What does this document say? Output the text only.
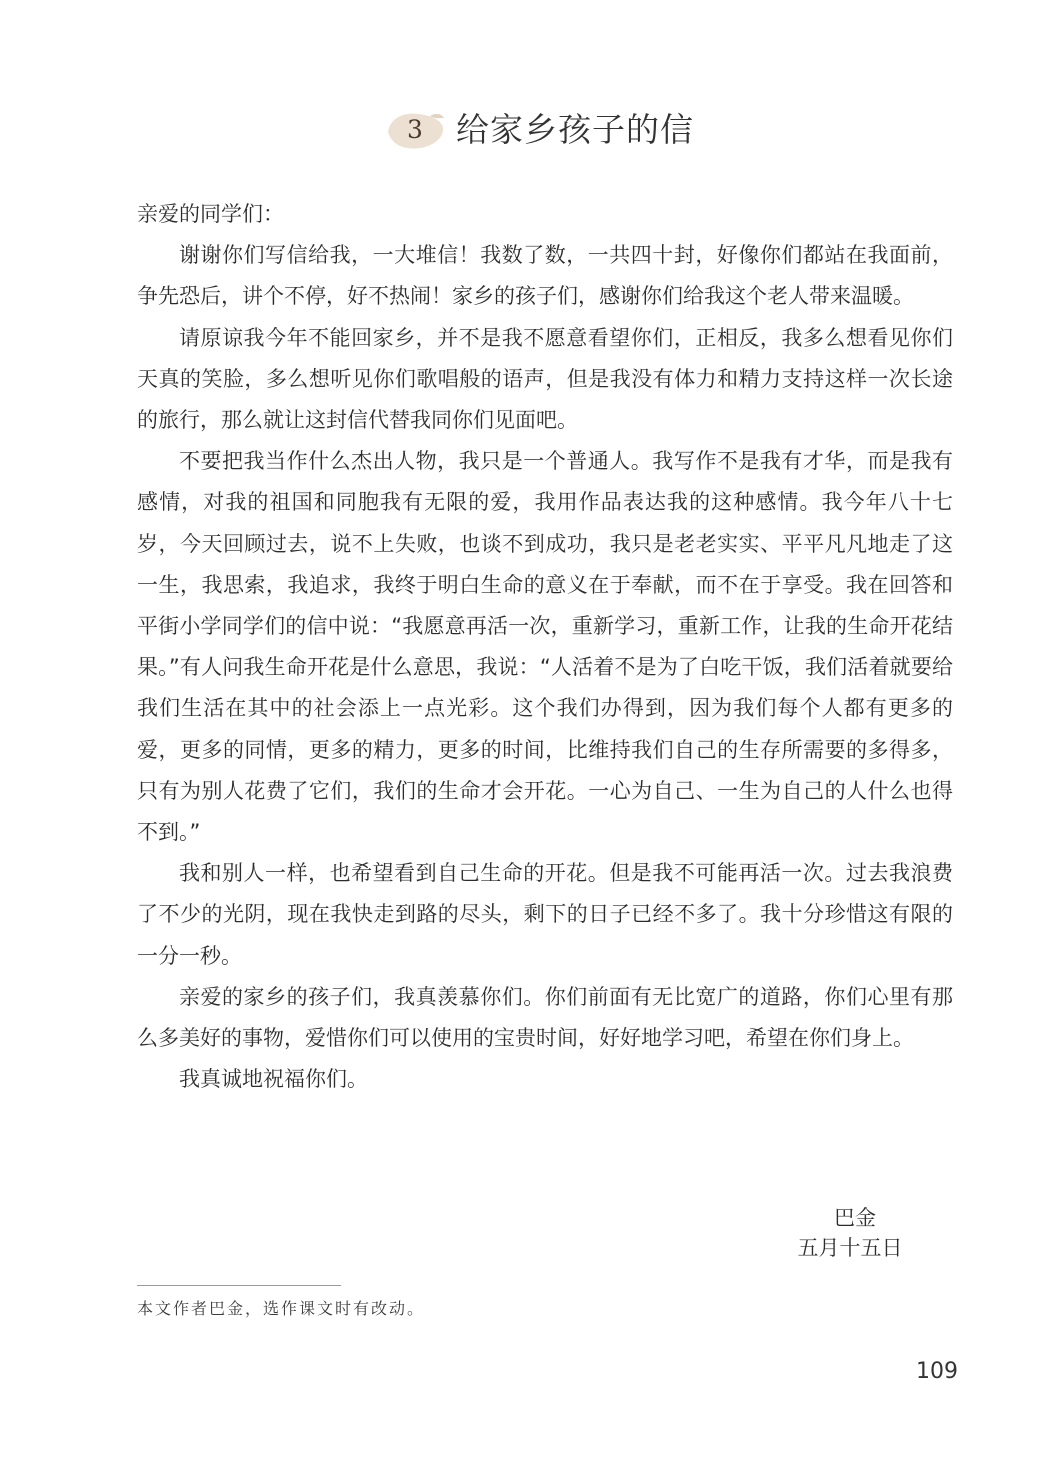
3	给家乡孩子的信

亲爱的同学们：

谢谢你们写信给我，一大堆信！我数了数，一共四十封，好像你们都站在我面前，争先恐后，讲个不停，好不热闹！家乡的孩子们，感谢你们给我这个老人带来温暖。

请原谅我今年不能回家乡，并不是我不愿意看望你们，正相反，我多么想看见你们天真的笑脸，多么想听见你们歌唱般的语声，但是我没有体力和精力支持这样一次长途的旅行，那么就让这封信代替我同你们见面吧。

不要把我当作什么杰出人物，我只是一个普通人。我写作不是我有才华，而是我有感情，对我的祖国和同胞我有无限的爱，我用作品表达我的这种感情。我今年八十七岁，今天回顾过去，说不上失败，也谈不到成功，我只是老老实实、平平凡凡地走了这一生，我思索，我追求，我终于明白生命的意义在于奉献，而不在于享受。我在回答和平街小学同学们的信中说：“我愿意再活一次，重新学习，重新工作，让我的生命开花结果。”有人问我生命开花是什么意思，我说：“人活着不是为了白吃干饭，我们活着就要给我们生活在其中的社会添上一点光彩。这个我们办得到，因为我们每个人都有更多的爱，更多的同情，更多的精力，更多的时间，比维持我们自己的生存所需要的多得多，只有为别人花费了它们，我们的生命才会开花。一心为自己、一生为自己的人什么也得不到。”

我和别人一样，也希望看到自己生命的开花。但是我不可能再活一次。过去我浪费了不少的光阴，现在我快走到路的尽头，剩下的日子已经不多了。我十分珍惜这有限的一分一秒。

亲爱的家乡的孩子们，我真羡慕你们。你们前面有无比宽广的道路，你们心里有那么多美好的事物，爱惜你们可以使用的宝贵时间，好好地学习吧，希望在你们身上。

我真诚地祝福你们。

巴金
五月十五日
本文作者巴金，选作课文时有改动。
109
